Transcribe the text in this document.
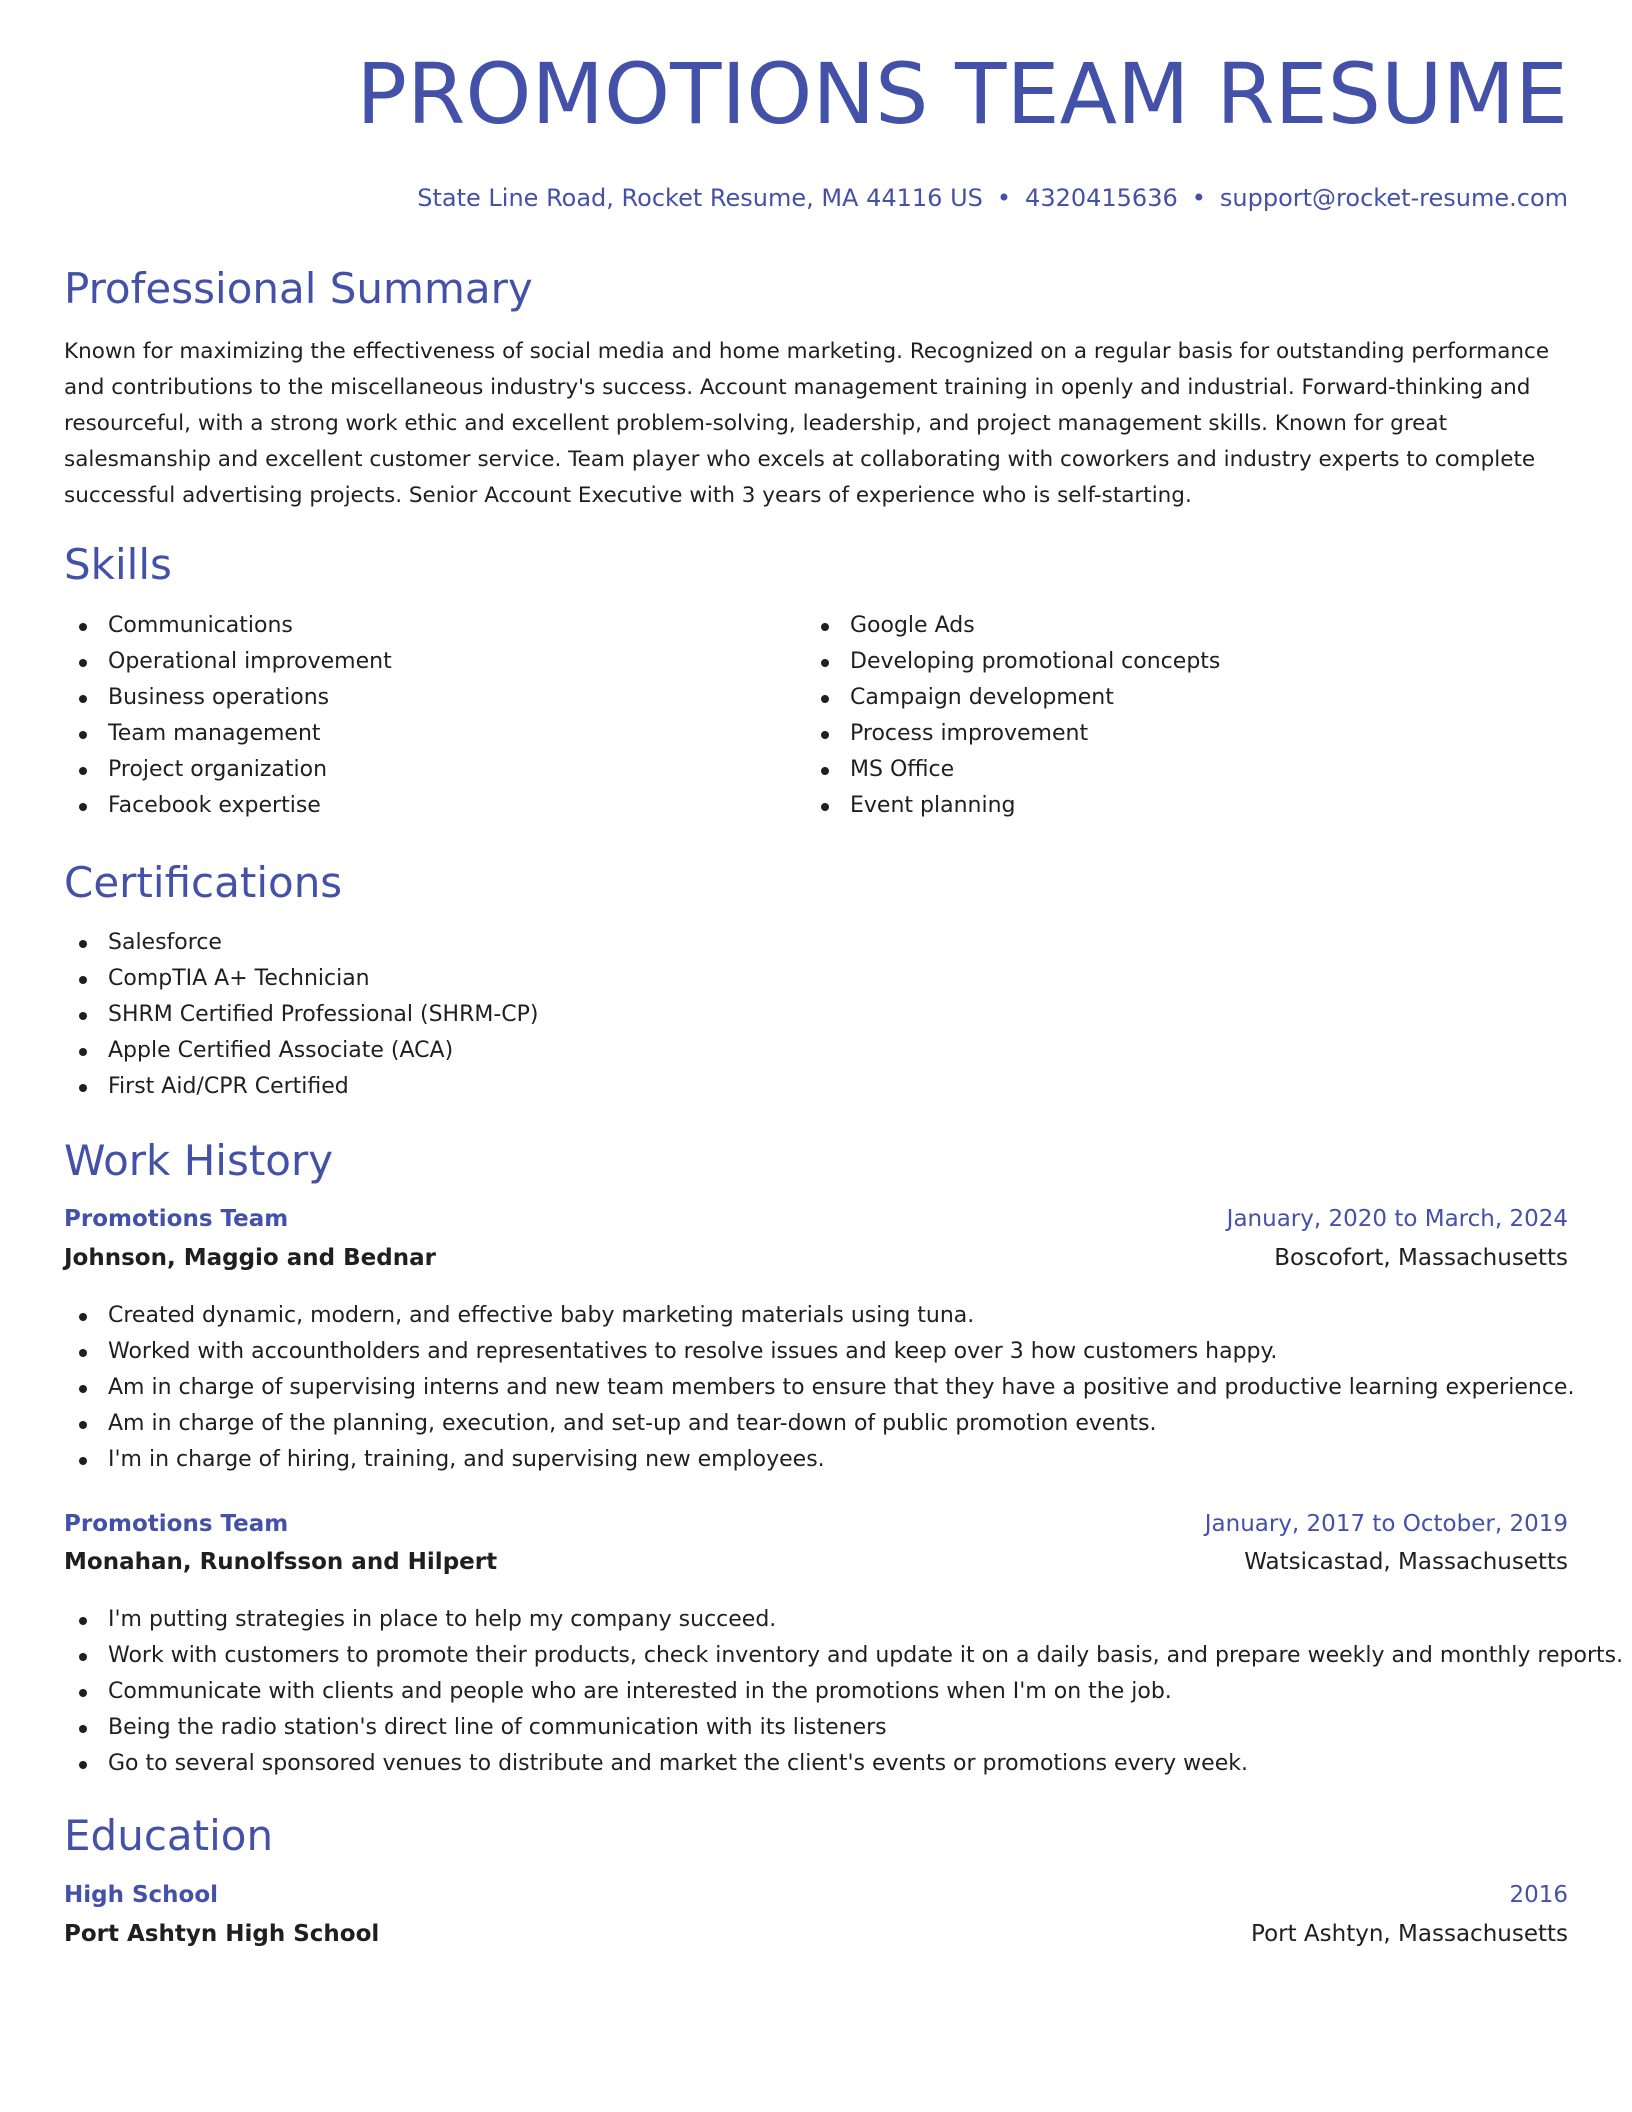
PROMOTIONS TEAM RESUME
State Line Road, Rocket Resume, MA 44116 US • 4320415636 • support@rocket-resume.com
Professional Summary

Known for maximizing the effectiveness of social media and home marketing. Recognized on a regular basis for outstanding performance and contributions to the miscellaneous industry's success. Account management training in openly and industrial. Forward-thinking and resourceful, with a strong work ethic and excellent problem-solving, leadership, and project management skills. Known for great salesmanship and excellent customer service. Team player who excels at collaborating with coworkers and industry experts to complete successful advertising projects. Senior Account Executive with 3 years of experience who is self-starting.

Skills
Communications
Operational improvement
Business operations
Team management
Project organization
Facebook expertise
Google Ads
Developing promotional concepts
Campaign development
Process improvement
MS Office
Event planning
Certifications
Salesforce
CompTIA A+ Technician
SHRM Certified Professional (SHRM-CP)
Apple Certified Associate (ACA)
First Aid/CPR Certified
Work History
Promotions Team	January, 2020 to March, 2024
Johnson, Maggio and Bednar	Boscofort, Massachusetts
Created dynamic, modern, and effective baby marketing materials using tuna.
Worked with accountholders and representatives to resolve issues and keep over 3 how customers happy.
Am in charge of supervising interns and new team members to ensure that they have a positive and productive learning experience.
Am in charge of the planning, execution, and set-up and tear-down of public promotion events.
I'm in charge of hiring, training, and supervising new employees.
Promotions Team	January, 2017 to October, 2019
Monahan, Runolfsson and Hilpert	Watsicastad, Massachusetts
I'm putting strategies in place to help my company succeed.
Work with customers to promote their products, check inventory and update it on a daily basis, and prepare weekly and monthly reports.
Communicate with clients and people who are interested in the promotions when I'm on the job.
Being the radio station's direct line of communication with its listeners
Go to several sponsored venues to distribute and market the client's events or promotions every week.
Education
High School	2016
Port Ashtyn High School	Port Ashtyn, Massachusetts
